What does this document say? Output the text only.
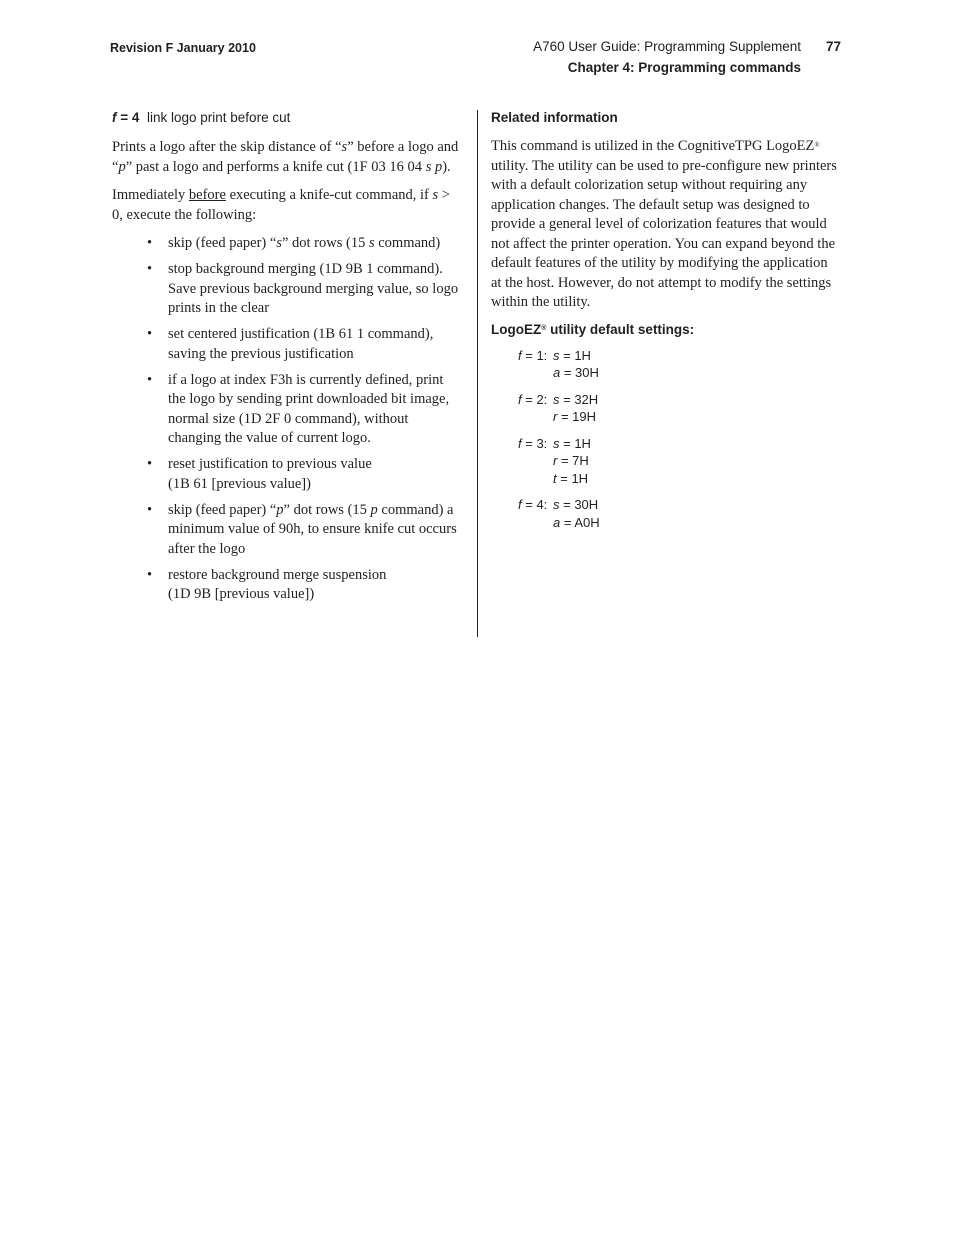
Revision F January 2010	A760 User Guide: Programming Supplement 77
Chapter 4: Programming commands
f = 4 link logo print before cut

Prints a logo after the skip distance of “s” before a logo and “p” past a logo and performs a knife cut (1F 03 16 04 s p).

Immediately before executing a knife-cut command, if s > 0, execute the following:

• skip (feed paper) “s” dot rows (15 s command)
• stop background merging (1D 9B 1 command). Save previous background merging value, so logo prints in the clear
• set centered justification (1B 61 1 command), saving the previous justification
• if a logo at index F3h is currently defined, print the logo by sending print downloaded bit image, normal size (1D 2F 0 command), without changing the value of current logo.
• reset justification to previous value
(1B 61 [previous value])
• skip (feed paper) “p” dot rows (15 p command) a minimum value of 90h, to ensure knife cut occurs after the logo
• restore background merge suspension
(1D 9B [previous value])
Related information

This command is utilized in the CognitiveTPG LogoEZ® utility. The utility can be used to pre-configure new printers with a default colorization setup without requiring any application changes. The default setup was designed to provide a general level of colorization features that would not affect the printer operation. You can expand beyond the default features of the utility by modifying the application at the host. However, do not attempt to modify the settings within the utility.

LogoEZ® utility default settings:
f = 1: s = 1H
a = 30H
f = 2: s = 32H
r = 19H
f = 3: s = 1H
r = 7H
t = 1H
f = 4: s = 30H
a = A0H
